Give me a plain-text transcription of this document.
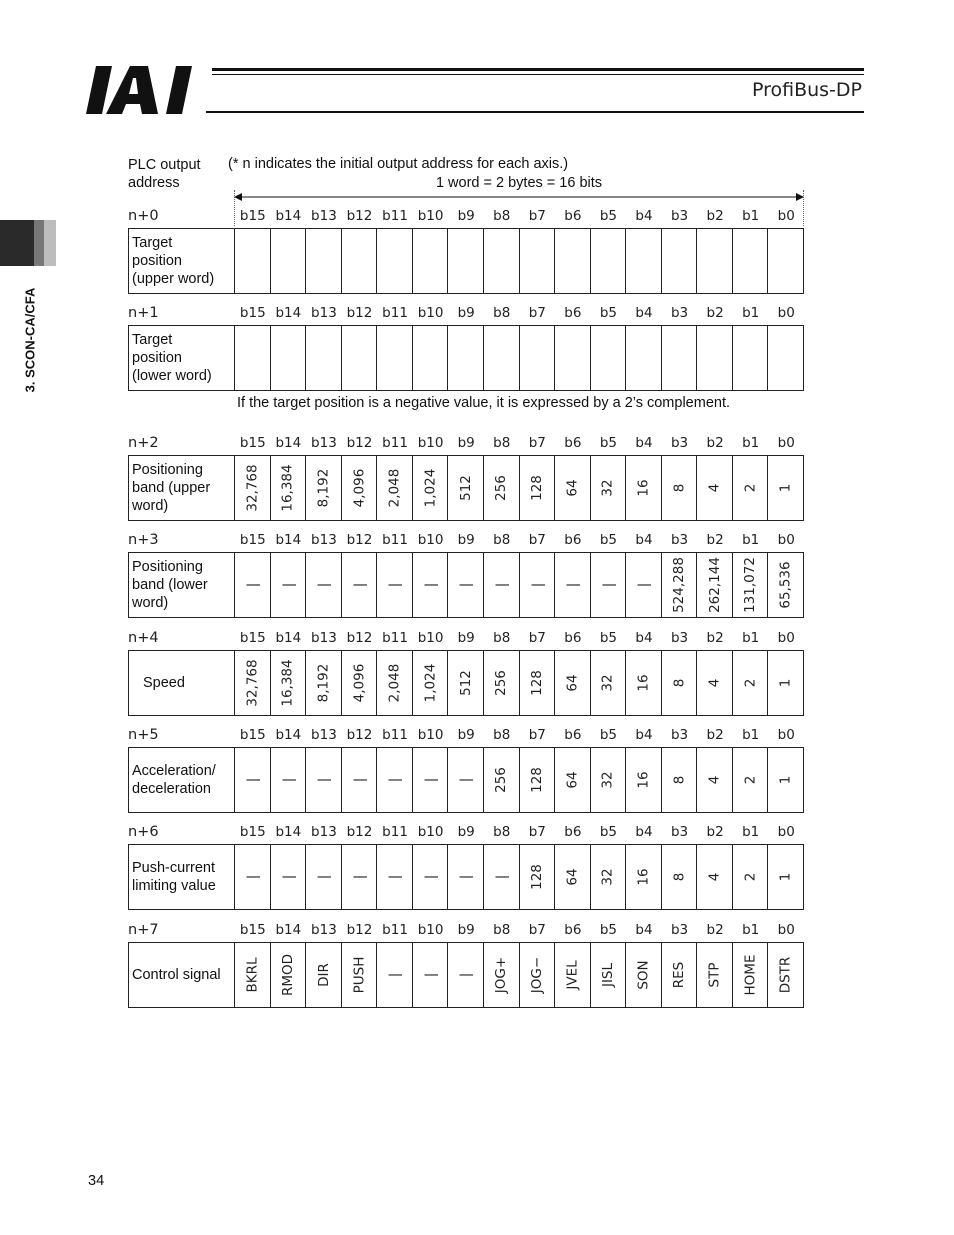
IAI
ProfiBus-DP
3. SCON-CA/CFA
PLC output
address
(* n indicates the initial output address for each axis.)
1 word = 2 bytes = 16 bits
n+0	b15 b14 b13 b12 b11 b10	b9	b8	b7	b6	b5	b4	b3	b2	b1	b0
Target
position
(upper word)
n+1	b15 b14 b13 b12 b11 b10	b9	b8	b7	b6	b5	b4	b3	b2	b1	b0
Target
position
(lower word)
n+2	b15 b14 b13 b12 b11 b10	b9	b8	b7	b6	b5	b4	b3	b2	b1	b0
Positioning
band (upper
word)	32,768 16,384 8,192 4,096 2,048 1,024 512 256 128 64 32 16 8 4 2 1
n+3	b15 b14 b13 b12 b11 b10	b9	b8	b7	b6	b5	b4	b3	b2	b1	b0
Positioning
band (lower
word)
| | | | | | | | | | | | 524,288 262,144 131,072 65,536
n+4	b15 b14 b13 b12 b11 b10	b9	b8	b7	b6	b5	b4	b3	b2	b1	b0
Speed	32,768 16,384 8,192 4,096 2,048 1,024 512 256 128 64 32 16 8 4 2 1
n+5	b15 b14 b13 b12 b11 b10	b9	b8	b7	b6	b5	b4	b3	b2	b1	b0
Acceleration/
deceleration
| | | | | | | 256 128 64 32 16 8 4 2 1
n+6	b15 b14 b13 b12 b11 b10	b9	b8	b7	b6	b5	b4	b3	b2	b1	b0
Push-current
limiting value
| | | | | | | | 128 64 32 16 8 4 2 1
n+7	b15 b14 b13 b12 b11 b10	b9	b8	b7	b6	b5	b4	b3	b2	b1	b0
Control signal	BKRL RMOD DIR PUSH | | | JOG+ JOG− JVEL JISL SON RES STP HOME DSTR
If the target position is a negative value, it is expressed by a 2’s complement.
34
